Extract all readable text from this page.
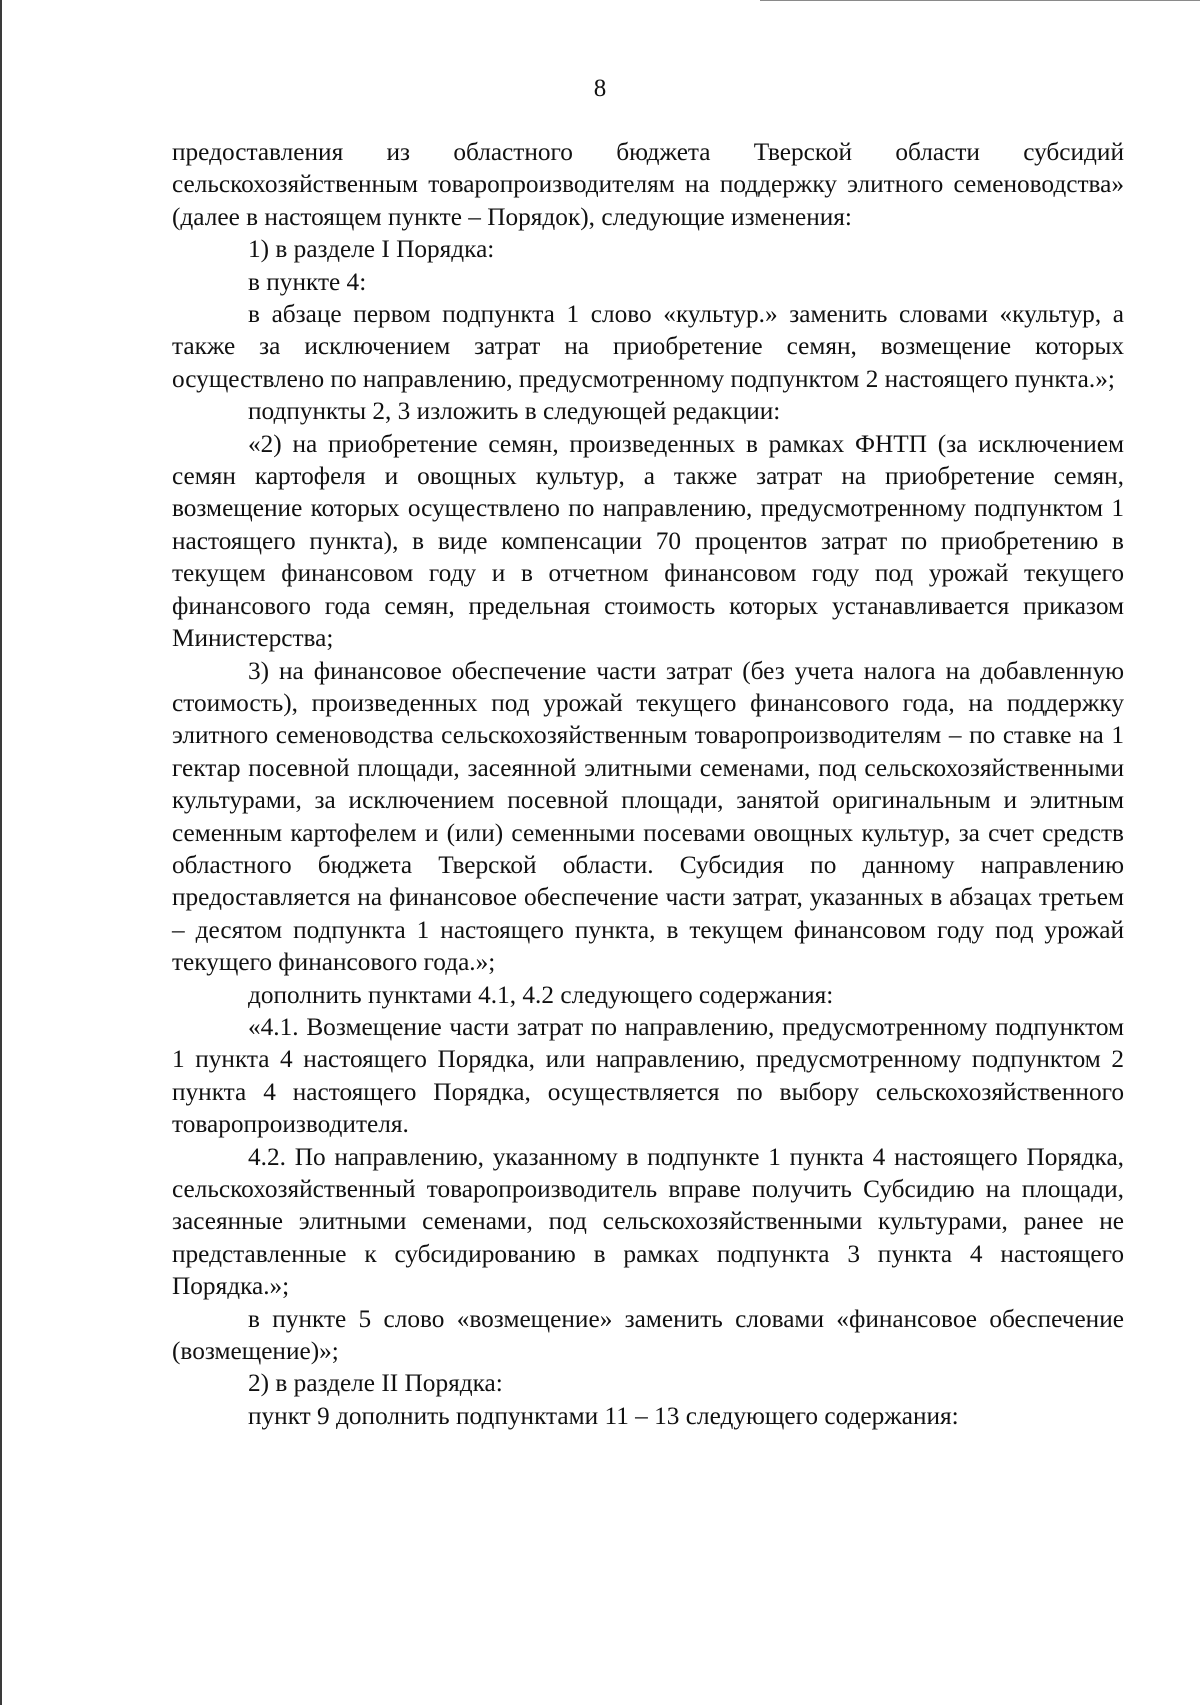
8

предоставления из областного бюджета Тверской области субсидий сельскохозяйственным товаропроизводителям на поддержку элитного семеноводства» (далее в настоящем пункте – Порядок), следующие изменения:

1) в разделе I Порядка:

в пункте 4:

в абзаце первом подпункта 1 слово «культур.» заменить словами «культур, а также за исключением затрат на приобретение семян, возмещение которых осуществлено по направлению, предусмотренному подпунктом 2 настоящего пункта.»;

подпункты 2, 3 изложить в следующей редакции:

«2) на приобретение семян, произведенных в рамках ФНТП (за исключением семян картофеля и овощных культур, а также затрат на приобретение семян, возмещение которых осуществлено по направлению, предусмотренному подпунктом 1 настоящего пункта), в виде компенсации 70 процентов затрат по приобретению в текущем финансовом году и в отчетном финансовом году под урожай текущего финансового года семян, предельная стоимость которых устанавливается приказом Министерства;

3) на финансовое обеспечение части затрат (без учета налога на добавленную стоимость), произведенных под урожай текущего финансового года, на поддержку элитного семеноводства сельскохозяйственным товаропроизводителям – по ставке на 1 гектар посевной площади, засеянной элитными семенами, под сельскохозяйственными культурами, за исключением посевной площади, занятой оригинальным и элитным семенным картофелем и (или) семенными посевами овощных культур, за счет средств областного бюджета Тверской области. Субсидия по данному направлению предоставляется на финансовое обеспечение части затрат, указанных в абзацах третьем – десятом подпункта 1 настоящего пункта, в текущем финансовом году под урожай текущего финансового года.»;

дополнить пунктами 4.1, 4.2 следующего содержания:

«4.1. Возмещение части затрат по направлению, предусмотренному подпунктом 1 пункта 4 настоящего Порядка, или направлению, предусмотренному подпунктом 2 пункта 4 настоящего Порядка, осуществляется по выбору сельскохозяйственного товаропроизводителя.

4.2. По направлению, указанному в подпункте 1 пункта 4 настоящего Порядка, сельскохозяйственный товаропроизводитель вправе получить Субсидию на площади, засеянные элитными семенами, под сельскохозяйственными культурами, ранее не представленные к субсидированию в рамках подпункта 3 пункта 4 настоящего Порядка.»;

в пункте 5 слово «возмещение» заменить словами «финансовое обеспечение (возмещение)»;

2) в разделе II Порядка:

пункт 9 дополнить подпунктами 11 – 13 следующего содержания:
